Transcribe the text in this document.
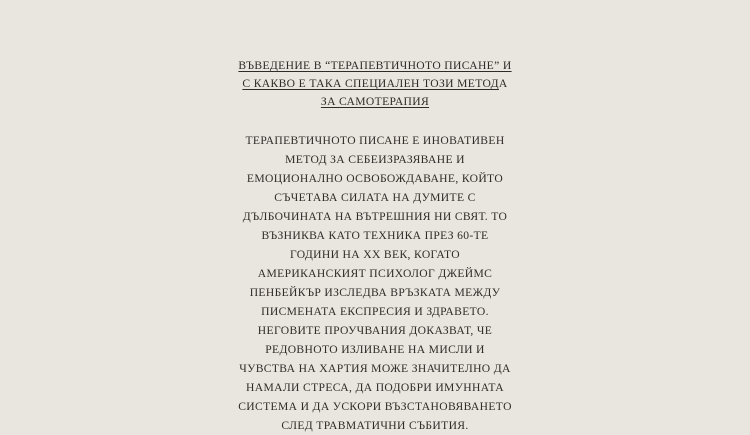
ВЪВЕДЕНИЕ В “ТЕРАПЕВТИЧНОТО ПИСАНЕ” И
С КАКВО Е ТАКА СПЕЦИАЛЕН ТОЗИ МЕТОДА
ЗА САМОТЕРАПИЯ
ТЕРАПЕВТИЧНОТО ПИСАНЕ Е ИНОВАТИВЕН
МЕТОД ЗА СЕБЕИЗРАЗЯВАНЕ И
ЕМОЦИОНАЛНО ОСВОБОЖДАВАНЕ, КОЙТО
СЪЧЕТАВА СИЛАТА НА ДУМИТЕ С
ДЪЛБОЧИНАТА НА ВЪТРЕШНИЯ НИ СВЯТ. ТО
ВЪЗНИКВА КАТО ТЕХНИКА ПРЕЗ 60-ТЕ
ГОДИНИ НА XX ВЕК, КОГАТО
АМЕРИКАНСКИЯТ ПСИХОЛОГ ДЖЕЙМС
ПЕНБЕЙКЪР ИЗСЛЕДВА ВРЪЗКАТА МЕЖДУ
ПИСМЕНАТА ЕКСПРЕСИЯ И ЗДРАВЕТО.
НЕГОВИТЕ ПРОУЧВАНИЯ ДОКАЗВАТ, ЧЕ
РЕДОВНОТО ИЗЛИВАНЕ НА МИСЛИ И
ЧУВСТВА НА ХАРТИЯ МОЖЕ ЗНАЧИТЕЛНО ДА
НАМАЛИ СТРЕСА, ДА ПОДОБРИ ИМУННАТА
СИСТЕМА И ДА УСКОРИ ВЪЗСТАНОВЯВАНЕТО
СЛЕД ТРАВМАТИЧНИ СЪБИТИЯ.
